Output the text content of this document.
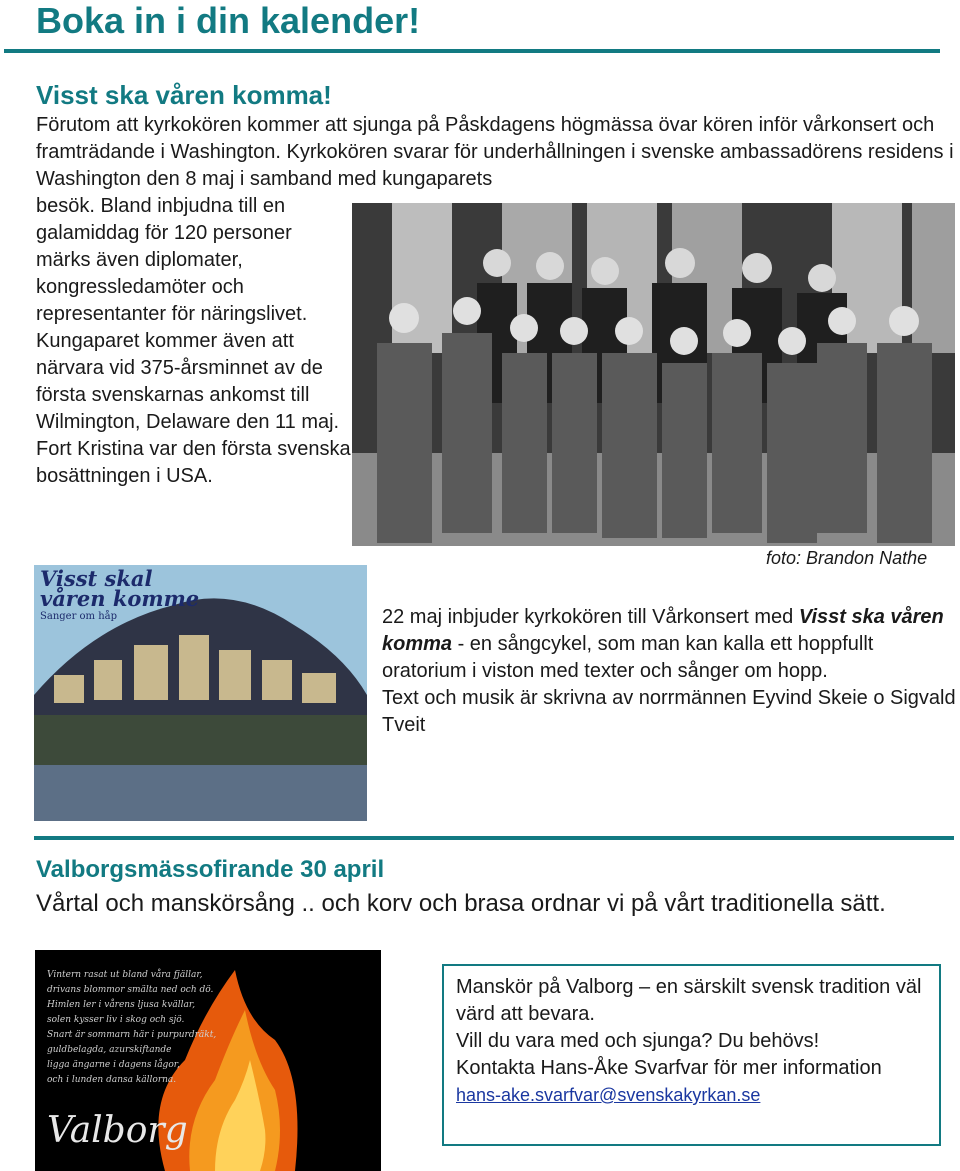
Boka in i din kalender!
Visst ska våren komma!

Förutom att kyrkokören kommer att sjunga på Påskdagens högmässa övar kören inför vårkonsert och framträdande i Washington. Kyrkokören svarar för underhållningen i svenske ambassadörens residens i Washington den 8 maj i samband med kungaparets

besök. Bland inbjudna till en galamiddag för 120 personer märks även diplomater, kongressledamöter och representanter för näringslivet. Kungaparet kommer även att närvara vid 375-årsminnet av de första svenskarnas ankomst till Wilmington, Delaware den 11 maj. Fort Kristina var den första svenska bosättningen i USA.

foto: Brandon Nathe
Visst skal
våren komme
Sanger om håp	22 maj inbjuder kyrkokören till Vårkonsert med Visst ska våren komma - en sångcykel, som man kan kalla ett hoppfullt oratorium i viston med texter och sånger om hopp.

Text och musik är skrivna av norrmännen Eyvind Skeie o Sigvald Tveit

Valborgsmässofirande 30 april

Vårtal och manskörsång .. och korv och brasa ordnar vi på vårt traditionella sätt.

Vintern rasat ut bland våra fjällar,
drivans blommor smälta ned och dö.
Himlen ler i vårens ljusa kvällar,
solen kysser liv i skog och sjö.
Snart är sommarn här i purpurdräkt,
guldbelagda, azurskiftande
ligga ängarne i dagens lågor,
och i lunden dansa källorna.
Valborg

Manskör på Valborg – en särskilt svensk tradition väl värd att bevara.

Vill du vara med och sjunga? Du behövs!

Kontakta Hans-Åke Svarfvar för mer information hans-ake.svarfvar@svenskakyrkan.se
